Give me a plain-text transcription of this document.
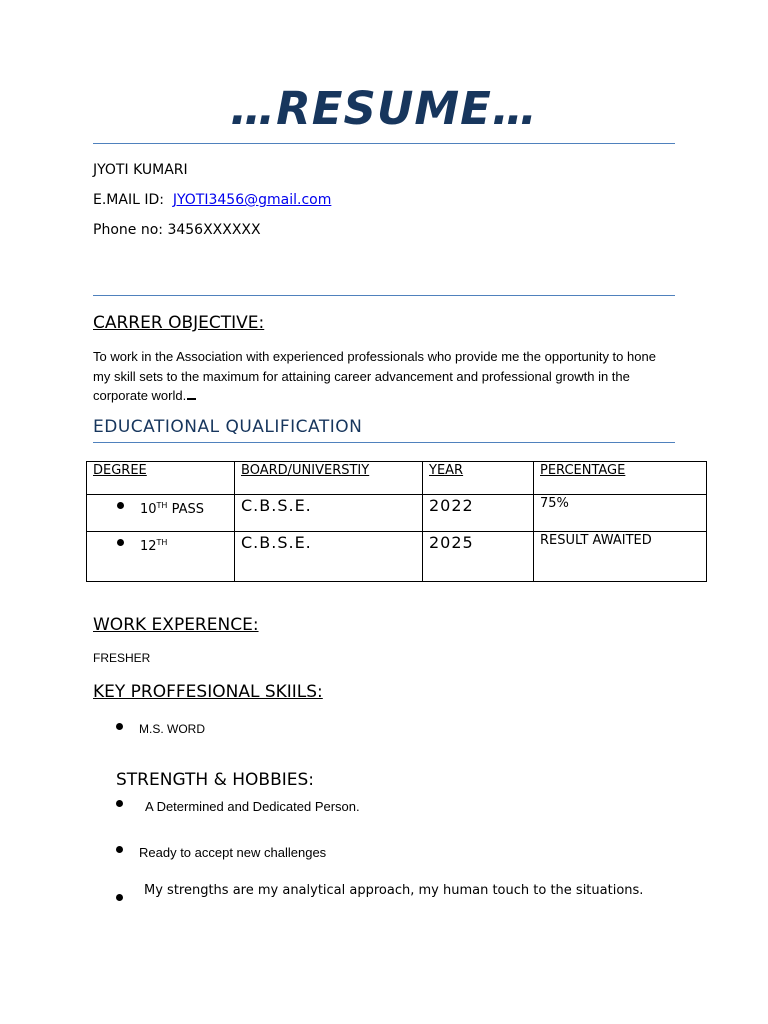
…RESUME…
JYOTI KUMARI
E.MAIL ID: JYOTI3456@gmail.com
Phone no: 3456XXXXXX
CARRER OBJECTIVE:
To work in the Association with experienced professionals who provide me the opportunity to hone my skill sets to the maximum for attaining career advancement and professional growth in the corporate world.
EDUCATIONAL QUALIFICATION
DEGREE	BOARD/UNIVERSTIY	YEAR	PERCENTAGE

10TH PASS	C.B.S.E.	2022	75%

12TH	C.B.S.E.	2025	RESULT AWAITED
WORK EXPERENCE:
FRESHER
KEY PROFFESIONAL SKIILS:
M.S. WORD
STRENGTH & HOBBIES:
A Determined and Dedicated Person.
Ready to accept new challenges
My strengths are my analytical approach, my human touch to the situations.
